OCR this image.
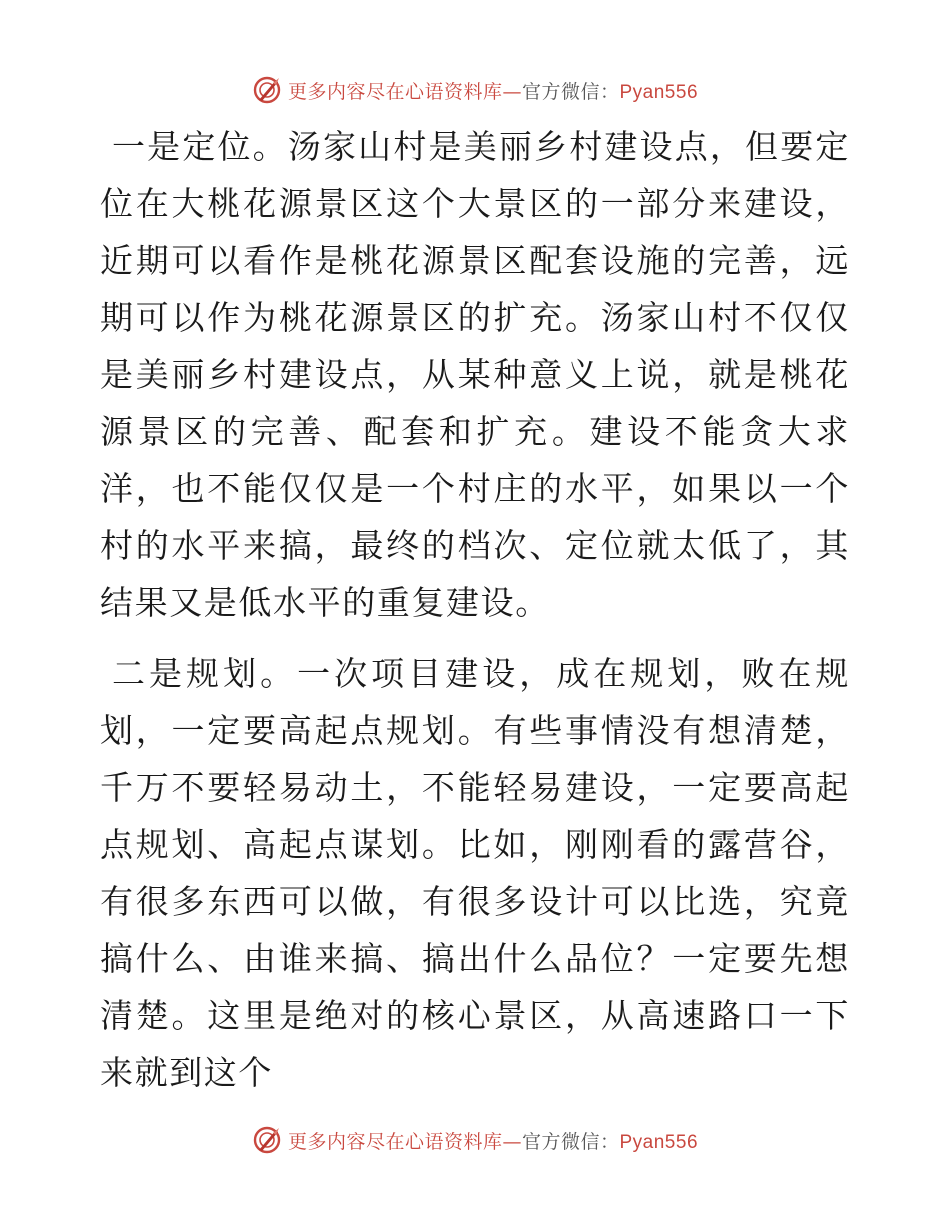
更多内容尽在心语资料库—官方微信：Pyan556

一是定位。汤家山村是美丽乡村建设点，但要定位在大桃花源景区这个大景区的一部分来建设，近期可以看作是桃花源景区配套设施的完善，远期可以作为桃花源景区的扩充。汤家山村不仅仅是美丽乡村建设点，从某种意义上说，就是桃花源景区的完善、配套和扩充。建设不能贪大求洋，也不能仅仅是一个村庄的水平，如果以一个村的水平来搞，最终的档次、定位就太低了，其结果又是低水平的重复建设。

二是规划。一次项目建设，成在规划，败在规划，一定要高起点规划。有些事情没有想清楚，千万不要轻易动土，不能轻易建设，一定要高起点规划、高起点谋划。比如，刚刚看的露营谷，有很多东西可以做，有很多设计可以比选，究竟搞什么、由谁来搞、搞出什么品位？一定要先想清楚。这里是绝对的核心景区，从高速路口一下来就到这个

更多内容尽在心语资料库—官方微信：Pyan556
